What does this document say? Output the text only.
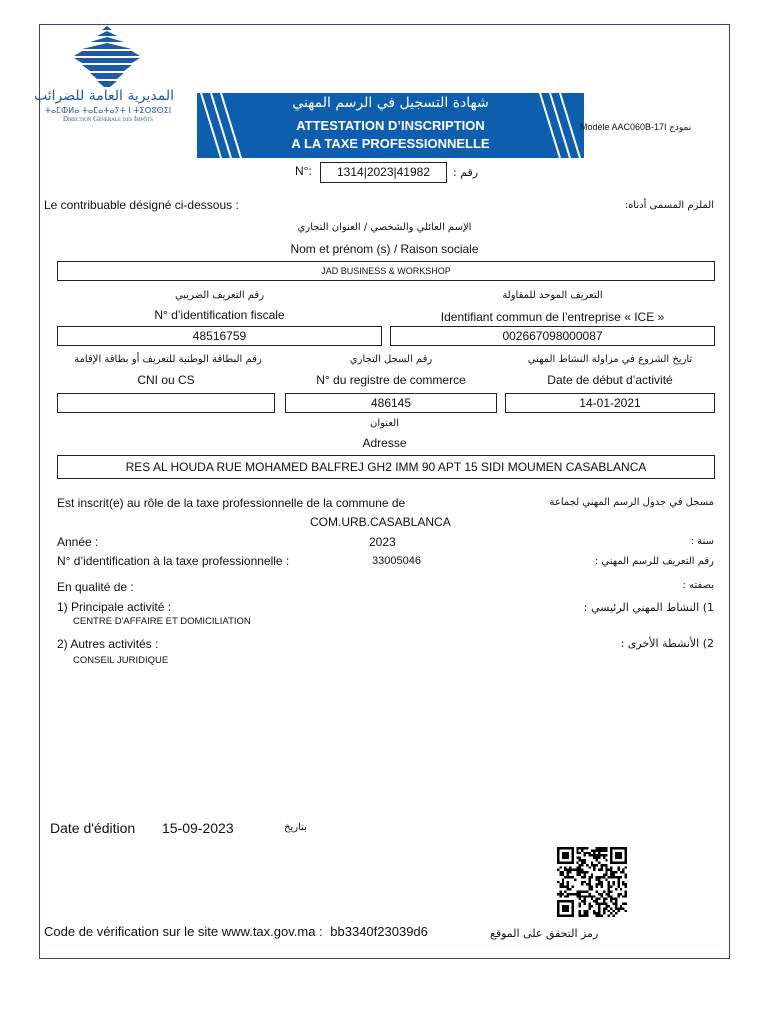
المديرية العامة للضرائب
ⵜⴰⵎⵀⵍⴰ ⵜⴰⵎⴰⵜⴰⵢⵜ ⵏ ⵜⵉⵔⵓⵙⵉⵏ
Direction Générale des Impôts
شهادة التسجيل في الرسم المهني
ATTESTATION D’INSCRIPTION
A LA TAXE PROFESSIONNELLE
Modèle AAC060B-17I نموذج
N°:	1314|2023|41982	رقم :
Le contribuable désigné ci-dessous :	الملزم المسمى أدناه:
الإسم العائلي والشخصي / العنوان التجاري
Nom et prénom (s) / Raison sociale
JAD BUSINESS & WORKSHOP
رقم التعريف الضريبي
N° d’identification fiscale
48516759
التعريف الموحد للمقاولة
Identifiant commun de l’entreprise « ICE »
002667098000087
رقم البطاقة الوطنية للتعريف أو بطاقة الإقامة
CNI ou CS
رقم السجل التجاري
N° du registre de commerce
486145
تاريخ الشروع في مزاولة النشاط المهني
Date de début d’activité
14-01-2021
العنوان
Adresse
RES AL HOUDA RUE MOHAMED BALFREJ GH2 IMM 90 APT 15 SIDI MOUMEN CASABLANCA
Est inscrit(e) au rôle de la taxe professionnelle de la commune de	مسجل في جدول الرسم المهني لجماعة
COM.URB.CASABLANCA
Année :	2023	سنة :
N° d’identification à la taxe professionnelle :	33005046	رقم التعريف للرسم المهني :
En qualité de :	بصفته :
1) Principale activité :	1) النشاط المهني الرئيسي :
CENTRE D'AFFAIRE ET DOMICILIATION
2) Autres activités :	2) الأنشطة الأخرى :
CONSEIL JURIDIQUE
Date d'édition 15-09-2023	بتاريخ
Code de vérification sur le site www.tax.gov.ma : bb3340f23039d6	رمز التحقق على الموقع
